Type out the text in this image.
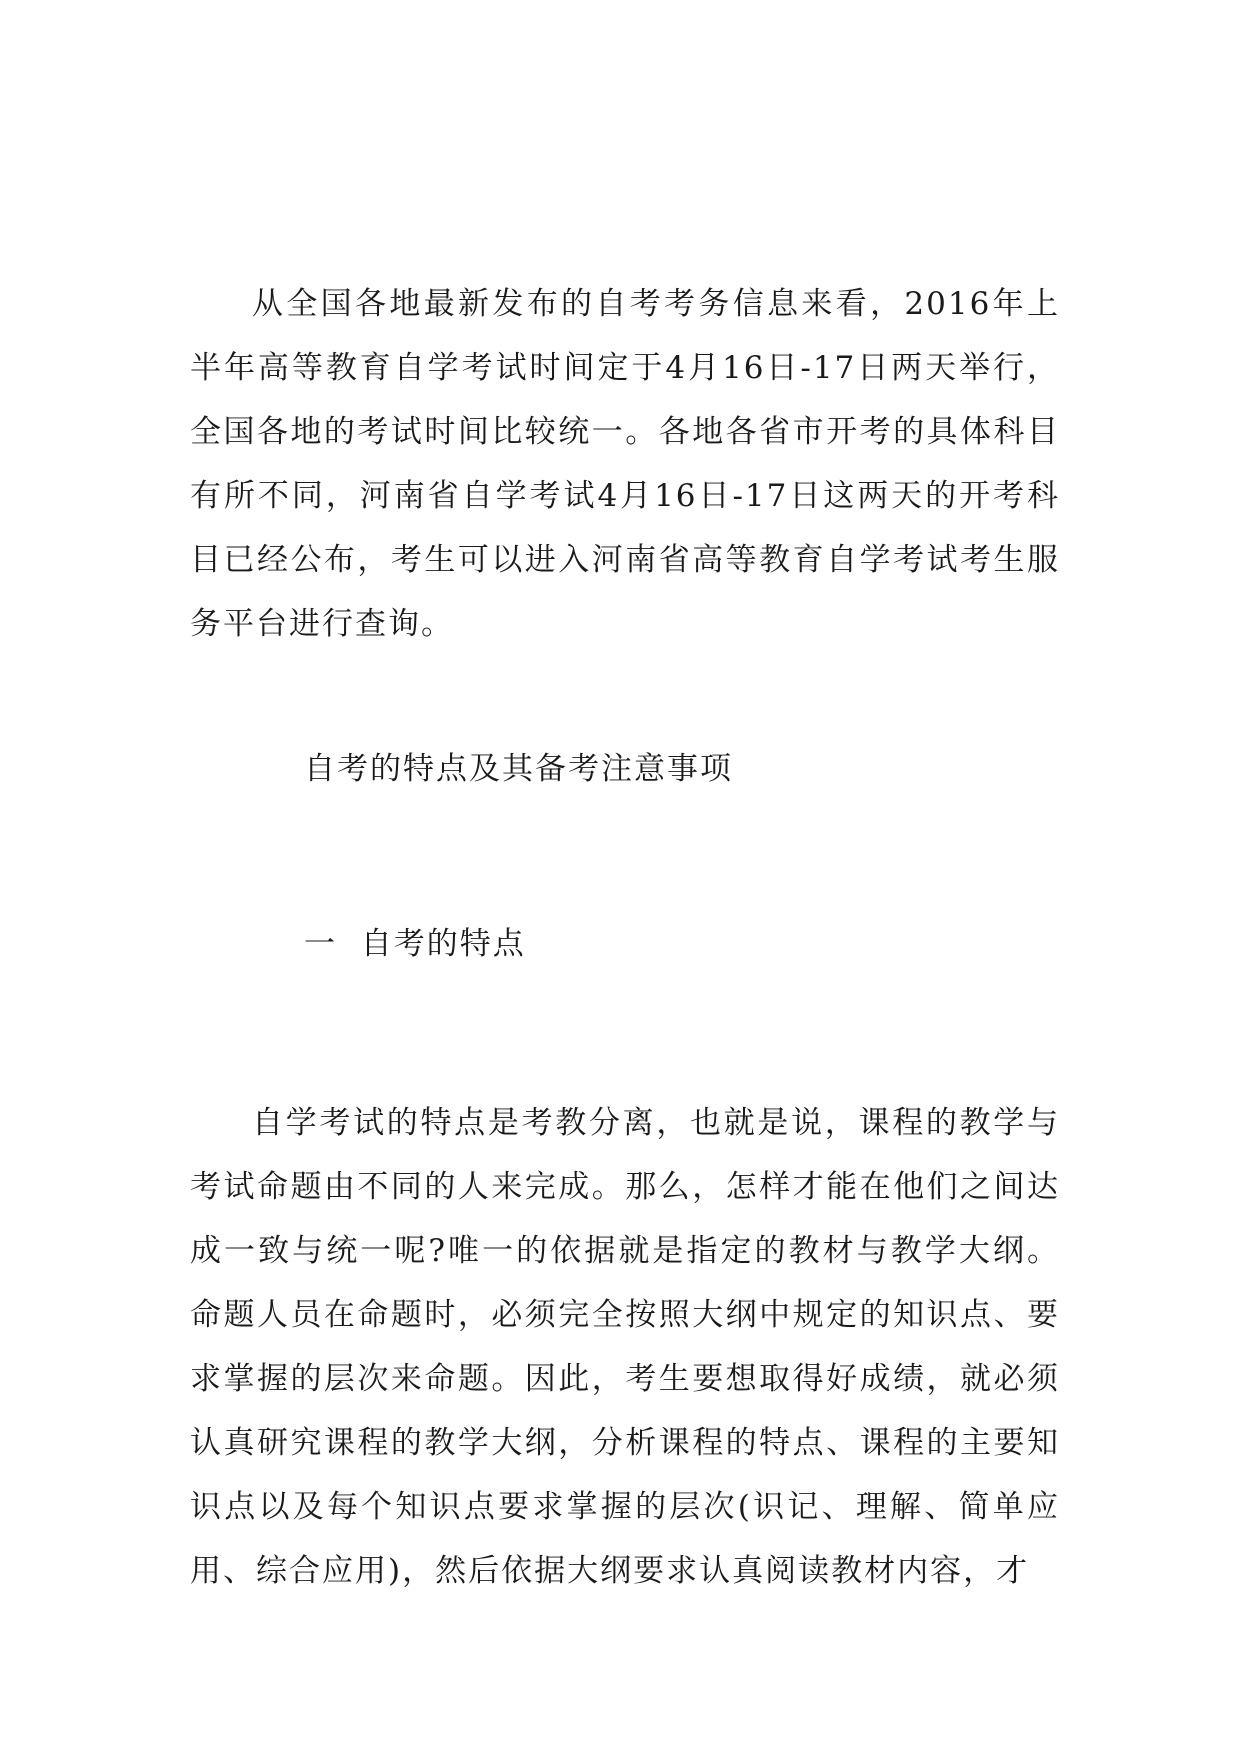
从全国各地最新发布的自考考务信息来看，2016年上半年高等教育自学考试时间定于4月16日-17日两天举行，全国各地的考试时间比较统一。各地各省市开考的具体科目有所不同，河南省自学考试4月16日-17日这两天的开考科目已经公布，考生可以进入河南省高等教育自学考试考生服务平台进行查询。

自考的特点及其备考注意事项
一  自考的特点

自学考试的特点是考教分离，也就是说，课程的教学与考试命题由不同的人来完成。那么，怎样才能在他们之间达成一致与统一呢?唯一的依据就是指定的教材与教学大纲。命题人员在命题时，必须完全按照大纲中规定的知识点、要求掌握的层次来命题。因此，考生要想取得好成绩，就必须认真研究课程的教学大纲，分析课程的特点、课程的主要知识点以及每个知识点要求掌握的层次(识记、理解、简单应用、综合应用)，然后依据大纲要求认真阅读教材内容，才
